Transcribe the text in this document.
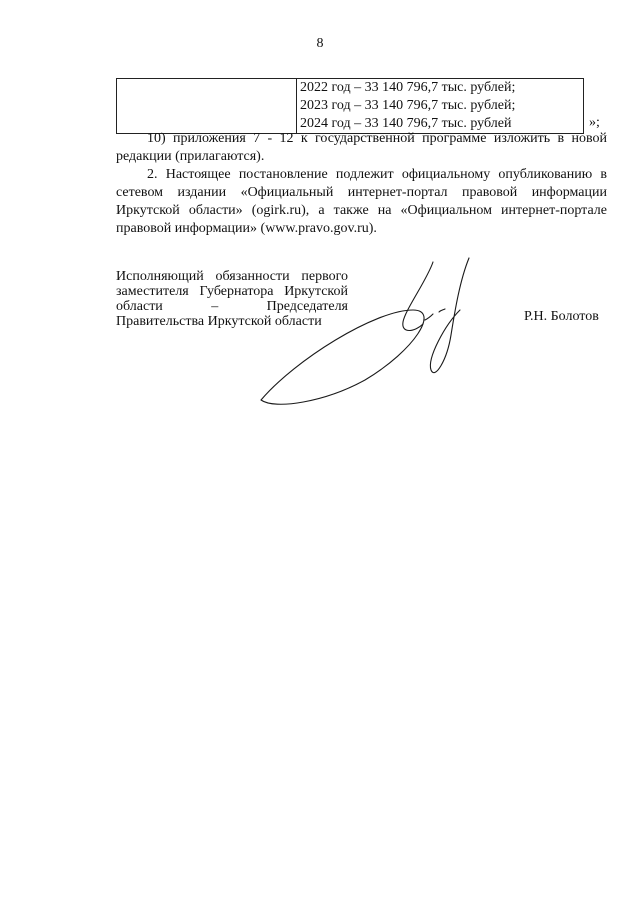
8

2022 год – 33 140 796,7 тыс. рублей;
2023 год – 33 140 796,7 тыс. рублей;
2024 год – 33 140 796,7 тыс. рублей	»;

10) приложения 7 - 12 к государственной программе изложить в новой редакции (прилагаются).

2. Настоящее постановление подлежит официальному опубликованию в сетевом издании «Официальный интернет-портал правовой информации Иркутской области» (ogirk.ru), а также на «Официальном интернет-портале правовой информации» (www.pravo.gov.ru).

Исполняющий обязанности первого
заместителя Губернатора Иркутской
области – Председателя
Правительства Иркутской области	Р.Н. Болотов
